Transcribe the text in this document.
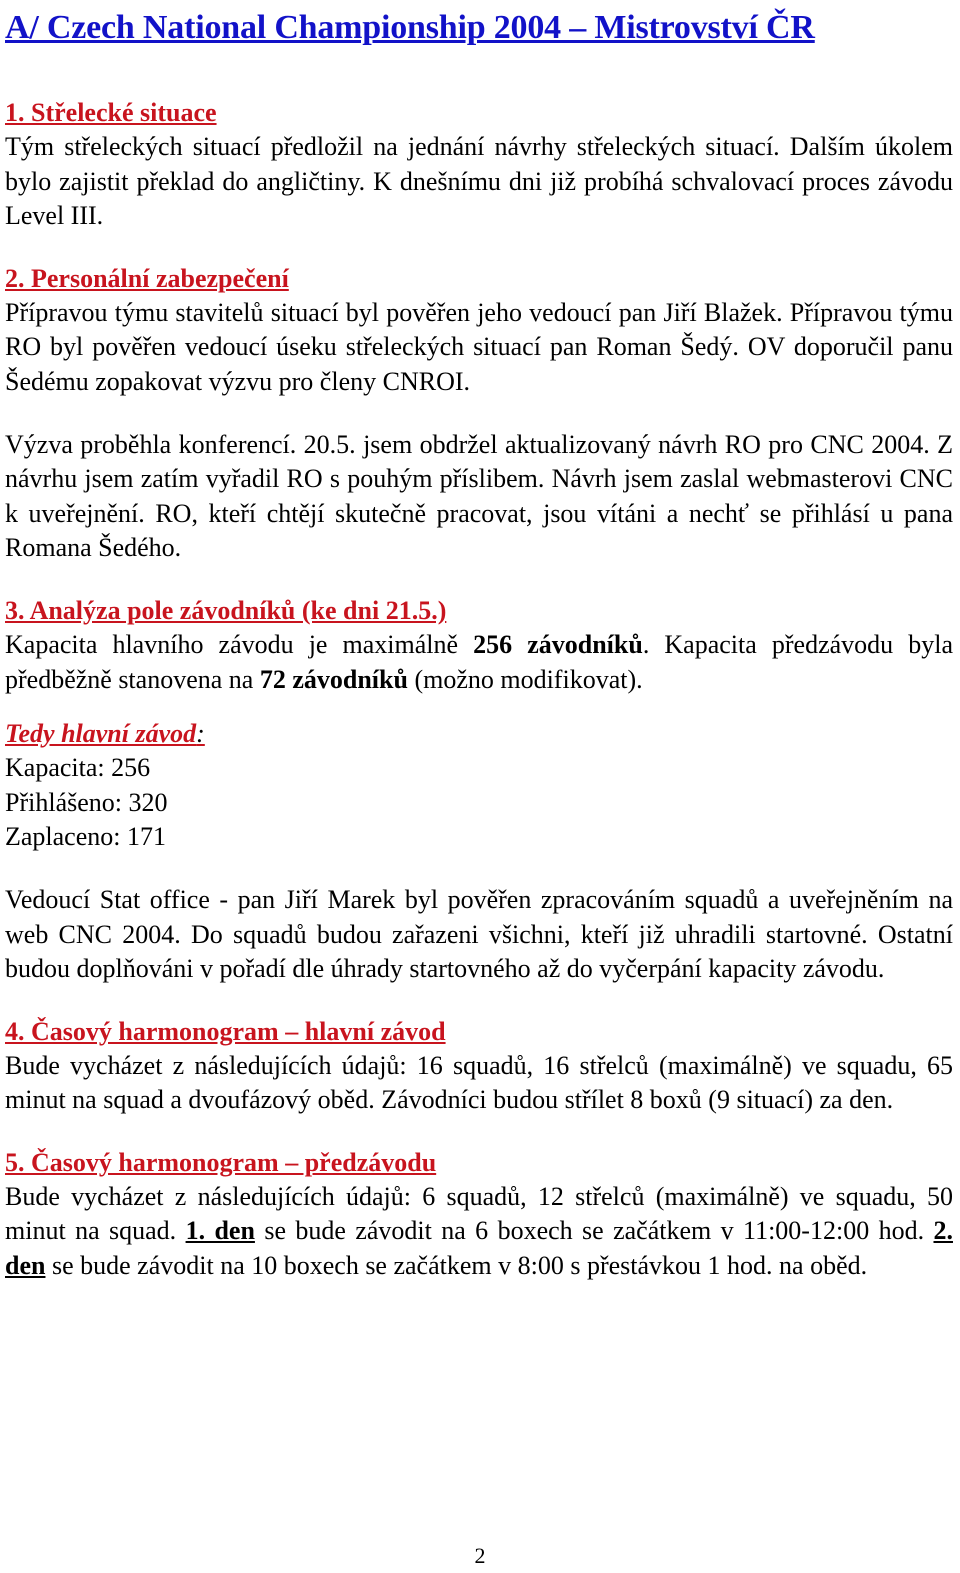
A/ Czech National Championship 2004 – Mistrovství ČR
1. Střelecké situace

Tým střeleckých situací předložil na jednání návrhy střeleckých situací. Dalším úkolem bylo zajistit překlad do angličtiny. K dnešnímu dni již probíhá schvalovací proces závodu Level III.

2. Personální zabezpečení

Přípravou týmu stavitelů situací byl pověřen jeho vedoucí pan Jiří Blažek. Přípravou týmu RO byl pověřen vedoucí úseku střeleckých situací pan Roman Šedý. OV doporučil panu Šedému zopakovat výzvu pro členy CNROI.

Výzva proběhla konferencí. 20.5. jsem obdržel aktualizovaný návrh RO pro CNC 2004. Z návrhu jsem zatím vyřadil RO s pouhým příslibem. Návrh jsem zaslal webmasterovi CNC k uveřejnění. RO, kteří chtějí skutečně pracovat, jsou vítáni a nechť se přihlásí u pana Romana Šedého.

3. Analýza pole závodníků (ke dni 21.5.)

Kapacita hlavního závodu je maximálně 256 závodníků. Kapacita předzávodu byla předběžně stanovena na 72 závodníků (možno modifikovat).

Tedy hlavní závod:

Kapacita: 256

Přihlášeno: 320

Zaplaceno: 171

Vedoucí Stat office - pan Jiří Marek byl pověřen zpracováním squadů a uveřejněním na web CNC 2004. Do squadů budou zařazeni všichni, kteří již uhradili startovné. Ostatní budou doplňováni v pořadí dle úhrady startovného až do vyčerpání kapacity závodu.

4. Časový harmonogram – hlavní závod

Bude vycházet z následujících údajů: 16 squadů, 16 střelců (maximálně) ve squadu, 65 minut na squad a dvoufázový oběd. Závodníci budou střílet 8 boxů (9 situací) za den.

5. Časový harmonogram – předzávodu

Bude vycházet z následujících údajů: 6 squadů, 12 střelců (maximálně) ve squadu, 50 minut na squad. 1. den se bude závodit na 6 boxech se začátkem v 11:00-12:00 hod. 2. den se bude závodit na 10 boxech se začátkem v 8:00 s přestávkou 1 hod. na oběd.

2
